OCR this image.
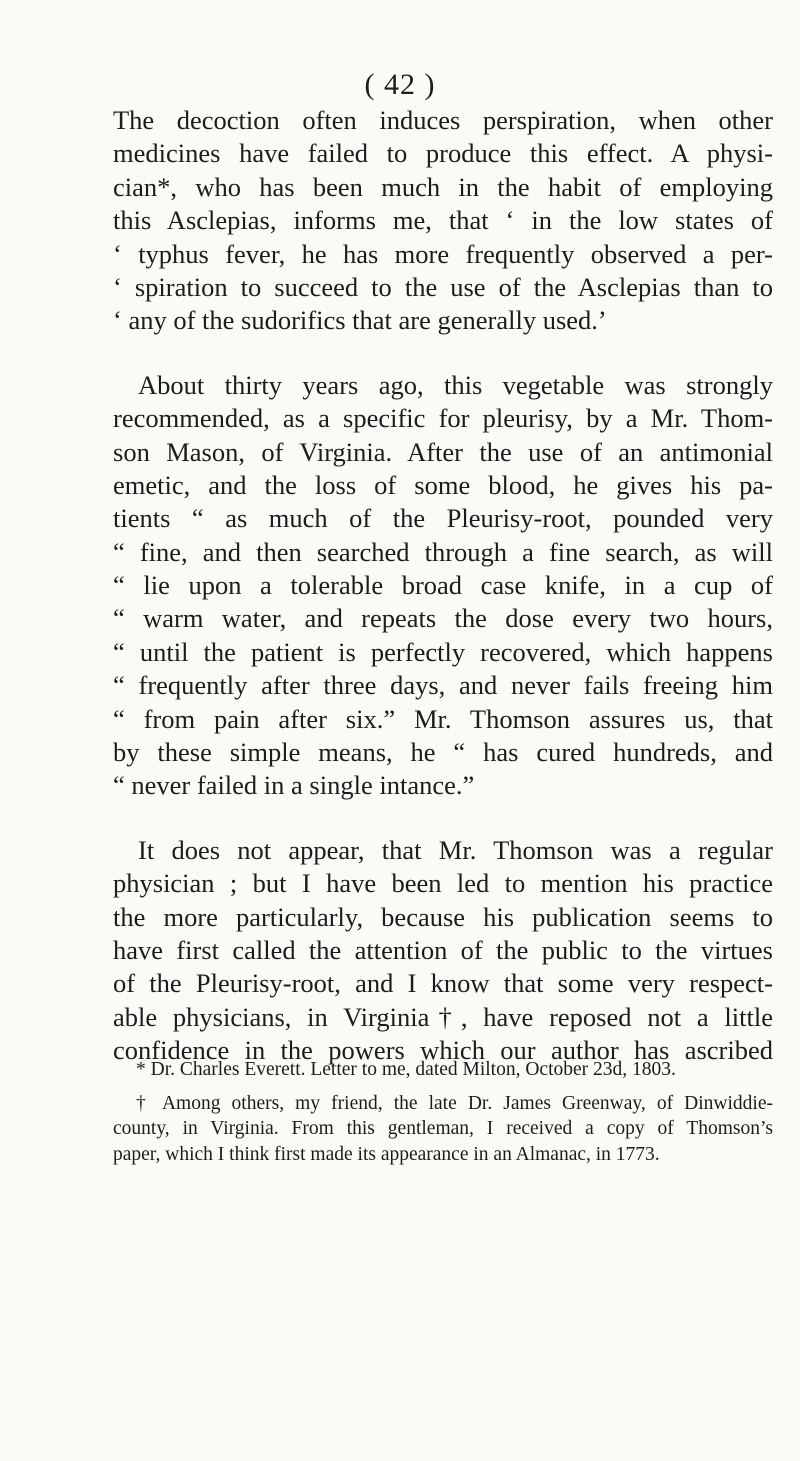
( 42 )
The decoction often induces perspiration, when other
medicines have failed to produce this effect. A physi-
cian*, who has been much in the habit of employing
this Asclepias, informs me, that ‘ in the low states of
‘ typhus fever, he has more frequently observed a per-
‘ spiration to succeed to the use of the Asclepias than to
‘ any of the sudorifics that are generally used.’
About thirty years ago, this vegetable was strongly
recommended, as a specific for pleurisy, by a Mr. Thom-
son Mason, of Virginia. After the use of an antimonial
emetic, and the loss of some blood, he gives his pa-
tients “ as much of the Pleurisy-root, pounded very
“ fine, and then searched through a fine search, as will
“ lie upon a tolerable broad case knife, in a cup of
“ warm water, and repeats the dose every two hours,
“ until the patient is perfectly recovered, which happens
“ frequently after three days, and never fails freeing him
“ from pain after six.” Mr. Thomson assures us, that
by these simple means, he “ has cured hundreds, and
“ never failed in a single intance.”
It does not appear, that Mr. Thomson was a regular
physician ; but I have been led to mention his practice
the more particularly, because his publication seems to
have first called the attention of the public to the virtues
of the Pleurisy-root, and I know that some very respect-
able physicians, in Virginia†, have reposed not a little
confidence in the powers which our author has ascribed
* Dr. Charles Everett. Letter to me, dated Milton, October 23d, 1803.
† Among others, my friend, the late Dr. James Greenway, of Dinwiddie-
county, in Virginia. From this gentleman, I received a copy of Thomson’s
paper, which I think first made its appearance in an Almanac, in 1773.
